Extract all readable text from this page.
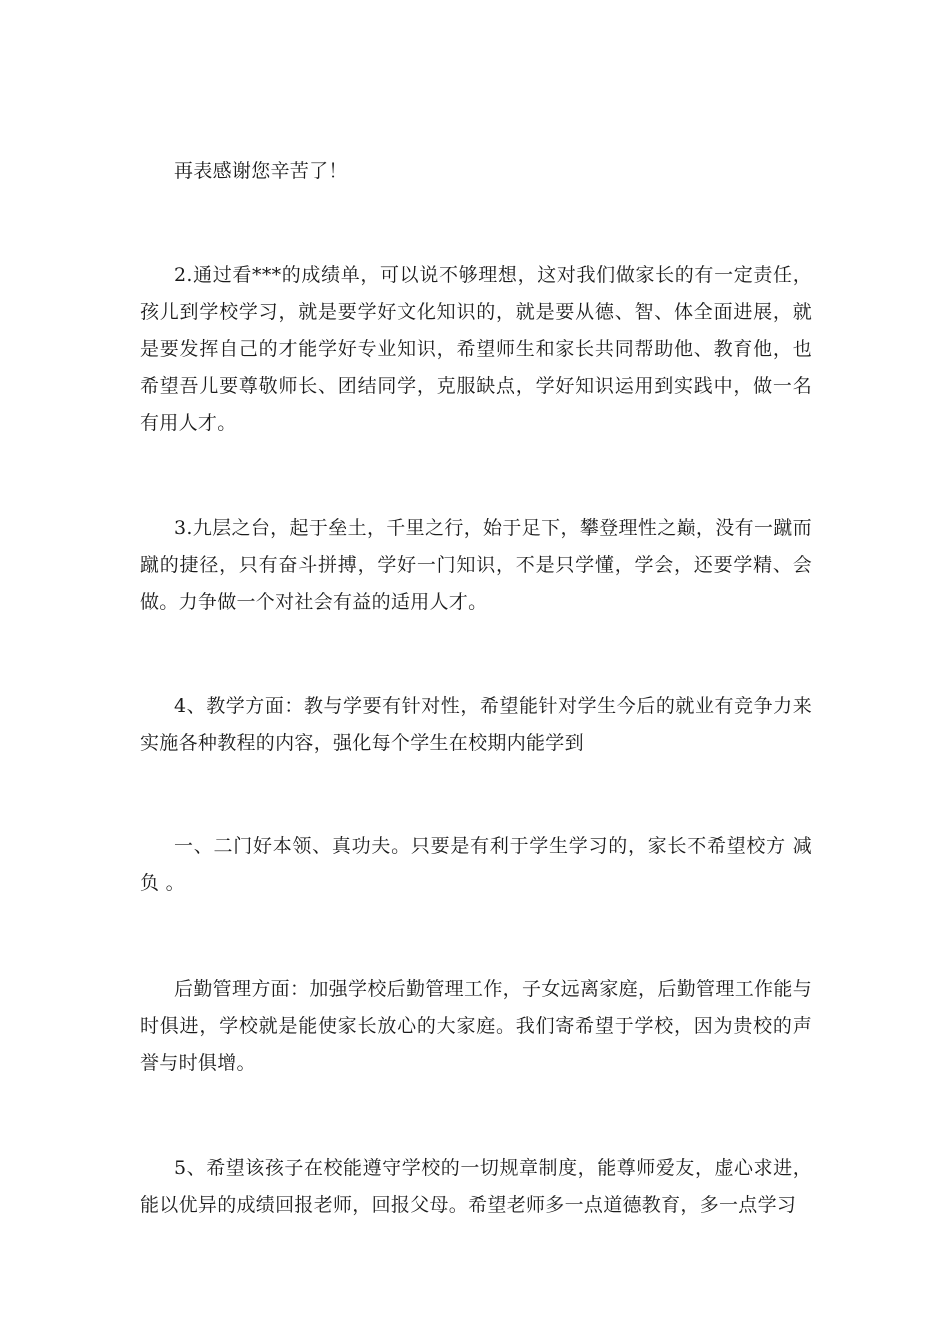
再表感谢您辛苦了！

2.通过看***的成绩单，可以说不够理想，这对我们做家长的有一定责任，孩儿到学校学习，就是要学好文化知识的，就是要从德、智、体全面进展，就是要发挥自己的才能学好专业知识，希望师生和家长共同帮助他、教育他，也希望吾儿要尊敬师长、团结同学，克服缺点，学好知识运用到实践中，做一名有用人才。

3.九层之台，起于垒土，千里之行，始于足下，攀登理性之巅，没有一蹴而蹴的捷径，只有奋斗拼搏，学好一门知识，不是只学懂，学会，还要学精、会做。力争做一个对社会有益的适用人才。

4、教学方面：教与学要有针对性，希望能针对学生今后的就业有竞争力来实施各种教程的内容，强化每个学生在校期内能学到

一、二门好本领、真功夫。只要是有利于学生学习的，家长不希望校方 减负 。

后勤管理方面：加强学校后勤管理工作，子女远离家庭，后勤管理工作能与时俱进，学校就是能使家长放心的大家庭。我们寄希望于学校，因为贵校的声誉与时俱增。

5、希望该孩子在校能遵守学校的一切规章制度，能尊师爱友，虚心求进，能以优异的成绩回报老师，回报父母。希望老师多一点道德教育，多一点学习
